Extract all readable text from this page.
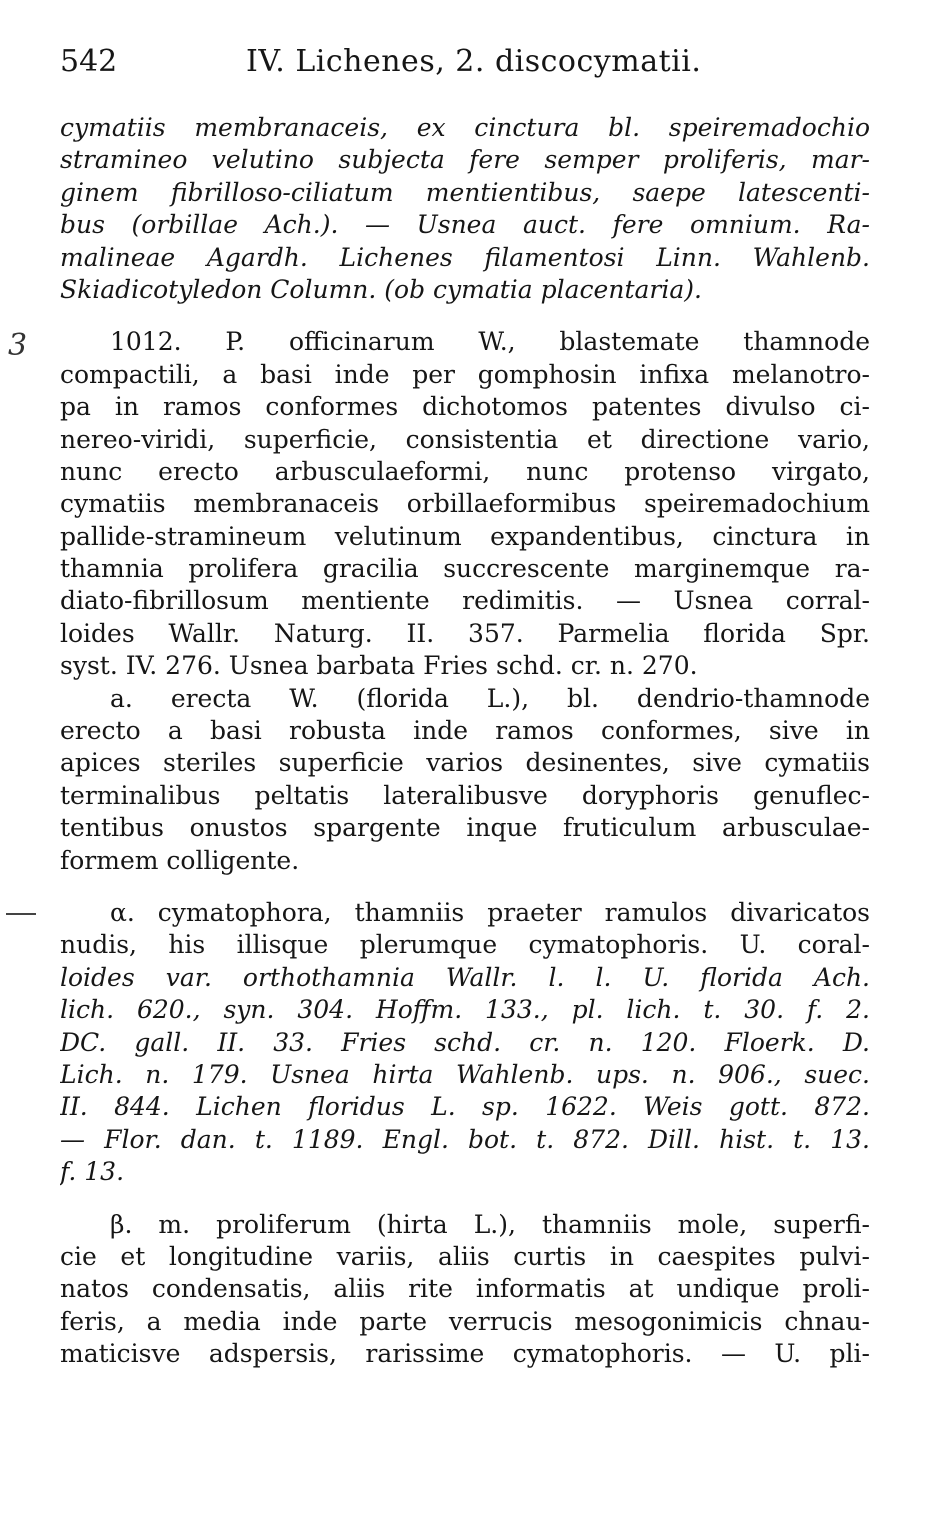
542	IV. Lichenes, 2. discocymatii.
3
cymatiis membranaceis, ex cinctura bl. speiremadochio
stramineo velutino subjecta fere semper proliferis, mar-
ginem fibrilloso-ciliatum mentientibus, saepe latescenti-
bus (orbillae Ach.). — Usnea auct. fere omnium. Ra-
malineae Agardh. Lichenes filamentosi Linn. Wahlenb.
Skiadicotyledon Column. (ob cymatia placentaria).
1012. P. officinarum W., blastemate thamnode
compactili, a basi inde per gomphosin infixa melanotro-
pa in ramos conformes dichotomos patentes divulso ci-
nereo-viridi, superficie, consistentia et directione vario,
nunc erecto arbusculaeformi, nunc protenso virgato,
cymatiis membranaceis orbillaeformibus speiremadochium
pallide-stramineum velutinum expandentibus, cinctura in
thamnia prolifera gracilia succrescente marginemque ra-
diato-fibrillosum mentiente redimitis. — Usnea corral-
loides Wallr. Naturg. II. 357. Parmelia florida Spr.
syst. IV. 276. Usnea barbata Fries schd. cr. n. 270.
a. erecta W. (florida L.), bl. dendrio-thamnode
erecto a basi robusta inde ramos conformes, sive in
apices steriles superficie varios desinentes, sive cymatiis
terminalibus peltatis lateralibusve doryphoris genuflec-
tentibus onustos spargente inque fruticulum arbusculae-
formem colligente.
α. cymatophora, thamniis praeter ramulos divaricatos
nudis, his illisque plerumque cymatophoris. U. coral-
loides var. orthothamnia Wallr. l. l. U. florida Ach.
lich. 620., syn. 304. Hoffm. 133., pl. lich. t. 30. f. 2.
DC. gall. II. 33. Fries schd. cr. n. 120. Floerk. D.
Lich. n. 179. Usnea hirta Wahlenb. ups. n. 906., suec.
II. 844. Lichen floridus L. sp. 1622. Weis gott. 872.
— Flor. dan. t. 1189. Engl. bot. t. 872. Dill. hist. t. 13.
f. 13.
β. m. proliferum (hirta L.), thamniis mole, superfi-
cie et longitudine variis, aliis curtis in caespites pulvi-
natos condensatis, aliis rite informatis at undique proli-
feris, a media inde parte verrucis mesogonimicis chnau-
maticisve adspersis, rarissime cymatophoris. — U. pli-
